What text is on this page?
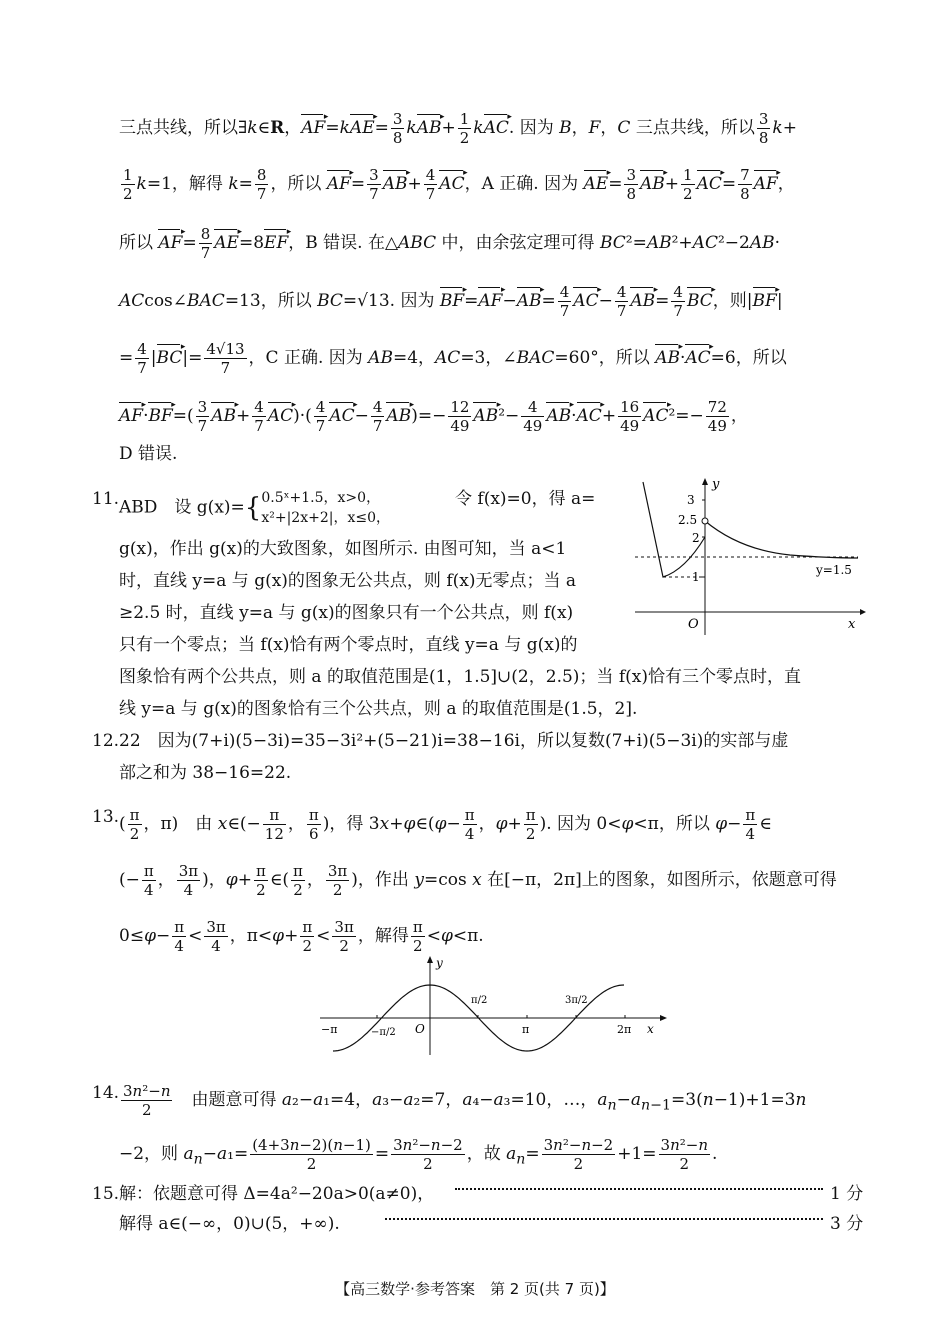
三点共线，所以∃k∈R，AF ▸=kAE ▸= $\frac{3}{8}$ kAB ▸+ $\frac{1}{2}$ kAC ▸. 因为 B，F，C 三点共线，所以 $\frac{3}{8} k+$
$\frac{1}{2} k=1$，解得 $k= \frac{8}{7}$ ，所以 AF ▸= $\frac{3}{7}$ AB ▸+ $\frac{4}{7}$ AC ▸，A 正确. 因为 AE ▸= $\frac{3}{8}$ AB ▸+ $\frac{1}{2}$ AC ▸= $\frac{7}{8}$ AF ▸，
所以 AF ▸= $\frac{8}{7}$ AE ▸=8EF ▸，B 错误. 在△ABC 中，由余弦定理可得 BC²=AB²+AC²−2AB·
ACcos∠BAC=13，所以 BC=√13. 因为 BF ▸=AF ▸−AB ▸= $\frac{4}{7}$ AC ▸− $\frac{4}{7}$ AB ▸= $\frac{4}{7}$ BC ▸，则|BF ▸|
= $\frac{4}{7} |BC$ ▸|= $\frac{4√13}{7}$ ，C 正确. 因为 AB=4，AC=3，∠BAC=60°，所以 AB ▸·AC ▸=6，所以
AF ▸·BF ▸=( $\frac{3}{7}$ AB ▸+ $\frac{4}{7}$ AC ▸)·( $\frac{4}{7}$ AC ▸− $\frac{4}{7}$ AB ▸)=− $\frac{12}{49}$ AB ▸²− $\frac{4}{49}$ AB ▸·AC ▸+ $\frac{16}{49}$ AC ▸²=− $\frac{72}{49}$ ，
D 错误.
11. ABD　设 g(x)={ 0.5ˣ+1.5，x>0，
x²+|2x+2|，x≤0，
令 f(x)=0，得 a=
g(x)，作出 g(x)的大致图象，如图所示. 由图可知，当 a<1
时，直线 y=a 与 g(x)的图象无公共点，则 f(x)无零点；当 a
≥2.5 时，直线 y=a 与 g(x)的图象只有一个公共点，则 f(x)
只有一个零点；当 f(x)恰有两个零点时，直线 y=a 与 g(x)的
图象恰有两个公共点，则 a 的取值范围是(1，1.5]∪(2，2.5)；当 f(x)恰有三个零点时，直
线 y=a 与 g(x)的图象恰有三个公共点，则 a 的取值范围是(1.5，2].
y
x
O
3
2.5
2
1	y=1.5
12. 22　因为(7+i)(5−3i)=35−3i²+(5−21)i=38−16i，所以复数(7+i)(5−3i)的实部与虚
部之和为 38−16=22.
13. ( $\frac{\pi}{2}$ ，π)　由 x∈(− $\frac{\pi}{12}$ ， $\frac{\pi}{6}$ )，得 3x+φ∈(φ− $\frac{\pi}{4}$ ，$\varphi+ \frac{\pi}{2}$ ). 因为 0<φ<π，所以 $\varphi- \frac{\pi}{4}$ ∈
(− $\frac{\pi}{4}$ ， $\frac{3\pi}{4}$ )，$\varphi+ \frac{\pi}{2}$ ∈( $\frac{\pi}{2}$ ， $\frac{3\pi}{2}$ )，作出 y=cos x 在[−π，2π]上的图象，如图所示，依题意可得
$0\le\varphi- \frac{\pi}{4} < \frac{3\pi}{4}$ ，$\pi<\varphi+ \frac{\pi}{2} < \frac{3\pi}{2}$ ，解得 $\frac{\pi}{2} <\varphi<\pi$.
y
x
O
−π	−π/2
π/2
π
3π/2
2π
14. $\frac{\text{3n²−n}}{2}$ 　由题意可得 a₂−a₁=4，a₃−a₂=7，a₄−a₃=10，…，$a_n-a_{n-1}=3(n-1)+1=3n$
−2，则 $a_n-a_1= \frac{(4+3n-2)(n-1)}{2} = \frac{\text{3n²−n−2}}{2}$ ，故 $a_n= \frac{\text{3n²−n−2}}{2} +1= \frac{\text{3n²−n}}{2}$ .
15. 解：依题意可得 Δ=4a²−20a>0(a≠0)，	1 分
解得 a∈(−∞，0)∪(5，+∞).	3 分
【高三数学·参考答案　第 2 页(共 7 页)】
